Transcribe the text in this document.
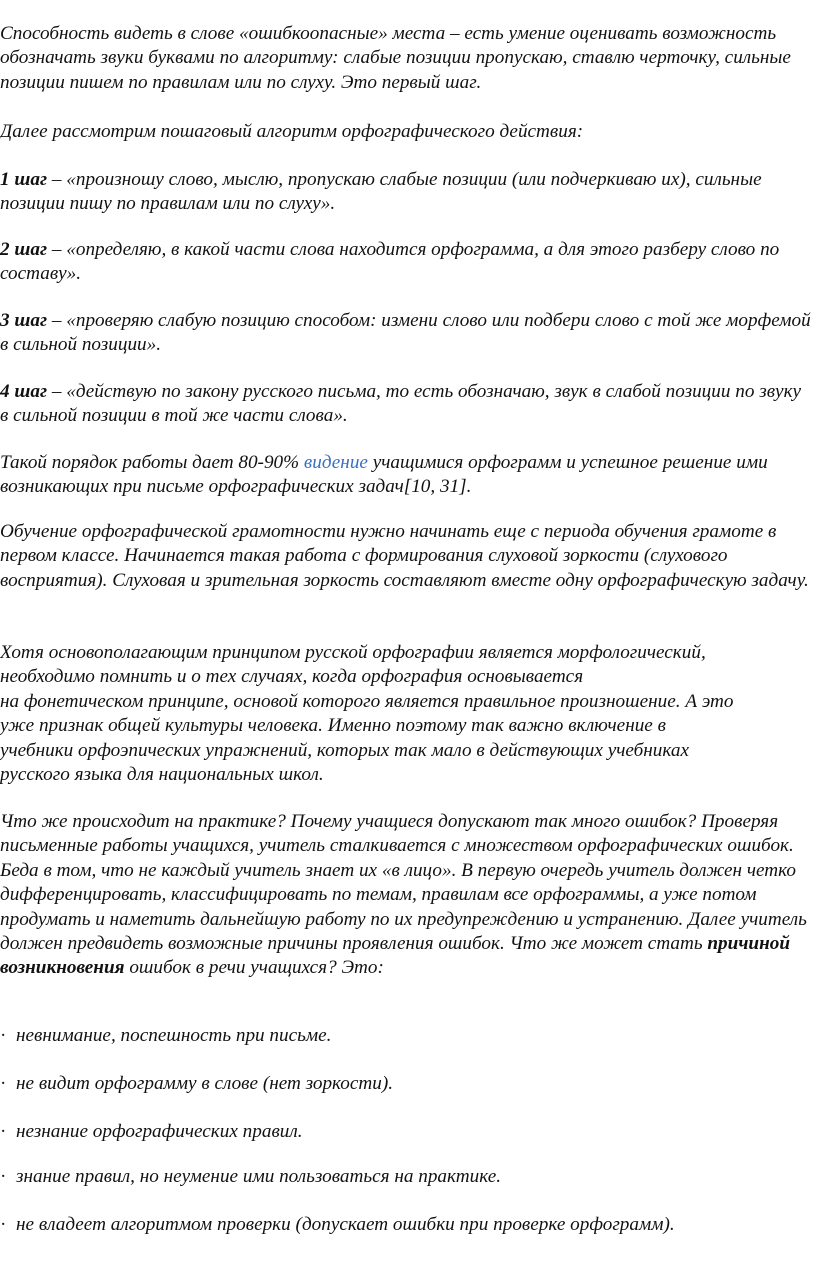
Способность видеть в слове «ошибкоопасные» места – есть умение оценивать возможность обозначать звуки буквами по алгоритму: слабые позиции пропускаю, ставлю черточку, сильные позиции пишем по правилам или по слуху. Это первый шаг.

Далее рассмотрим пошаговый алгоритм орфографического действия:

1 шаг – «произношу слово, мыслю, пропускаю слабые позиции (или подчеркиваю их), сильные позиции пишу по правилам или по слуху».

2 шаг – «определяю, в какой части слова находится орфограмма, а для этого разберу слово по составу».

3 шаг – «проверяю слабую позицию способом: измени слово или подбери слово с той же морфемой в сильной позиции».

4 шаг – «действую по закону русского письма, то есть обозначаю, звук в слабой позиции по звуку в сильной позиции в той же части слова».

Такой порядок работы дает 80-90% видение учащимися орфограмм и успешное решение ими возникающих при письме орфографических задач[10, 31].

Обучение орфографической грамотности нужно начинать еще с периода обучения грамоте в первом классе. Начинается такая работа с формирования слуховой зоркости (слухового восприятия). Слуховая и зрительная зоркость составляют вместе одну орфографическую задачу.

Хотя основополагающим принципом русской орфографии является морфологический,
необходимо помнить и о тех случаях, когда орфография основывается
на фонетическом принципе, основой которого является правильное произношение. А это
уже признак общей культуры человека. Именно поэтому так важно включение в
учебники орфоэпических упражнений, которых так мало в действующих учебниках
русского языка для национальных школ.

Что же происходит на практике? Почему учащиеся допускают так много ошибок? Проверяя письменные работы учащихся, учитель сталкивается с множеством орфографических ошибок. Беда в том, что не каждый учитель знает их «в лицо». В первую очередь учитель должен четко дифференцировать, классифицировать по темам, правилам все орфограммы, а уже потом продумать и наметить дальнейшую работу по их предупреждению и устранению. Далее учитель должен предвидеть возможные причины проявления ошибок. Что же может стать причиной возникновения ошибок в речи учащихся? Это:

· невнимание, поспешность при письме.

· не видит орфограмму в слове (нет зоркости).

· незнание орфографических правил.

· знание правил, но неумение ими пользоваться на практике.

· не владеет алгоритмом проверки (допускает ошибки при проверке орфограмм).
